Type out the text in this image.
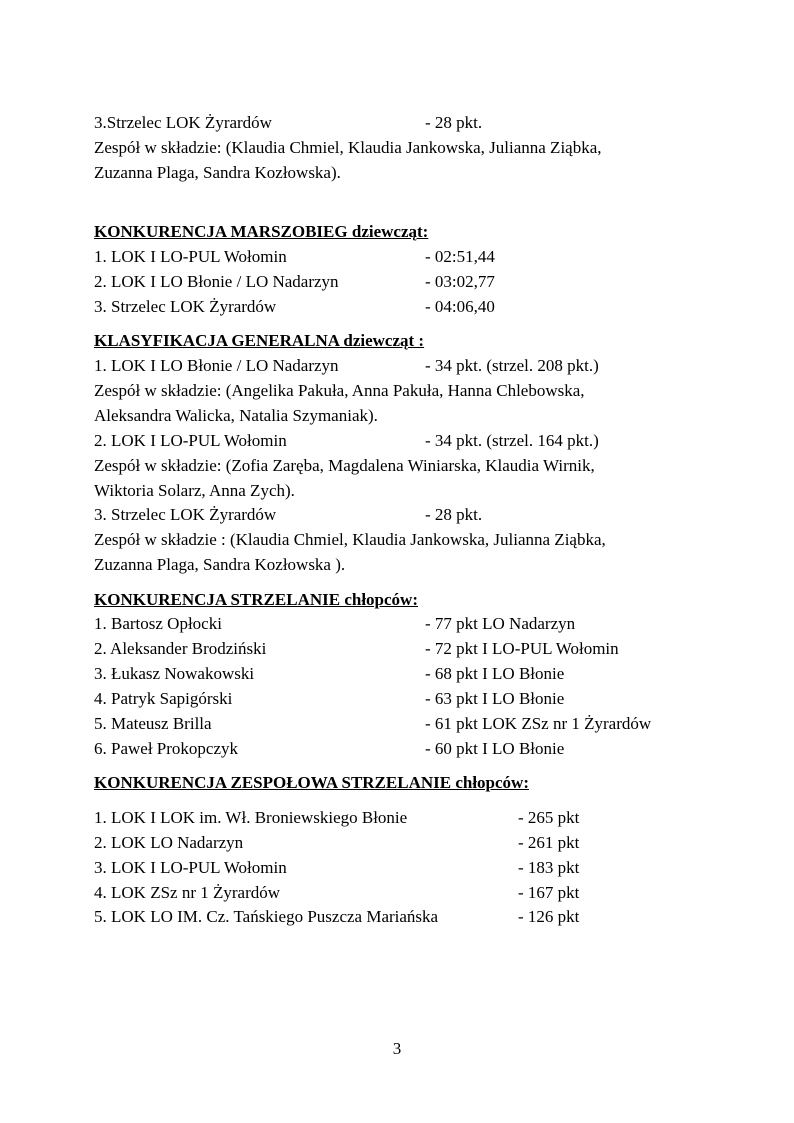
3.Strzelec LOK Żyrardów	- 28 pkt.
Zespół w składzie: (Klaudia Chmiel, Klaudia Jankowska, Julianna Ziąbka,
Zuzanna Plaga, Sandra Kozłowska).
KONKURENCJA MARSZOBIEG dziewcząt:
1. LOK I LO-PUL Wołomin	- 02:51,44
2. LOK I LO Błonie / LO Nadarzyn	- 03:02,77
3. Strzelec LOK Żyrardów	- 04:06,40
KLASYFIKACJA GENERALNA dziewcząt :
1. LOK I LO Błonie / LO Nadarzyn	- 34 pkt. (strzel. 208 pkt.)
Zespół w składzie: (Angelika Pakuła, Anna Pakuła, Hanna Chlebowska,
Aleksandra Walicka, Natalia Szymaniak).
2. LOK I LO-PUL Wołomin	- 34 pkt. (strzel. 164 pkt.)
Zespół w składzie: (Zofia Zaręba, Magdalena Winiarska, Klaudia Wirnik,
Wiktoria Solarz, Anna Zych).
3. Strzelec LOK Żyrardów	- 28 pkt.
Zespół w składzie : (Klaudia Chmiel, Klaudia Jankowska, Julianna Ziąbka,
Zuzanna Plaga, Sandra Kozłowska ).
KONKURENCJA STRZELANIE chłopców:
1. Bartosz Opłocki	- 77 pkt LO Nadarzyn
2. Aleksander Brodziński	- 72 pkt I LO-PUL Wołomin
3. Łukasz Nowakowski	- 68 pkt I LO Błonie
4. Patryk Sapigórski	- 63 pkt I LO Błonie
5. Mateusz Brilla	- 61 pkt LOK ZSz nr 1 Żyrardów
6. Paweł Prokopczyk	- 60 pkt I LO Błonie
KONKURENCJA ZESPOŁOWA STRZELANIE chłopców:
1. LOK I LOK im. Wł. Broniewskiego Błonie	- 265 pkt
2. LOK LO Nadarzyn	- 261 pkt
3. LOK I LO-PUL Wołomin	- 183 pkt
4. LOK ZSz nr 1 Żyrardów	- 167 pkt
5. LOK LO IM. Cz. Tańskiego Puszcza Mariańska	- 126 pkt
3
